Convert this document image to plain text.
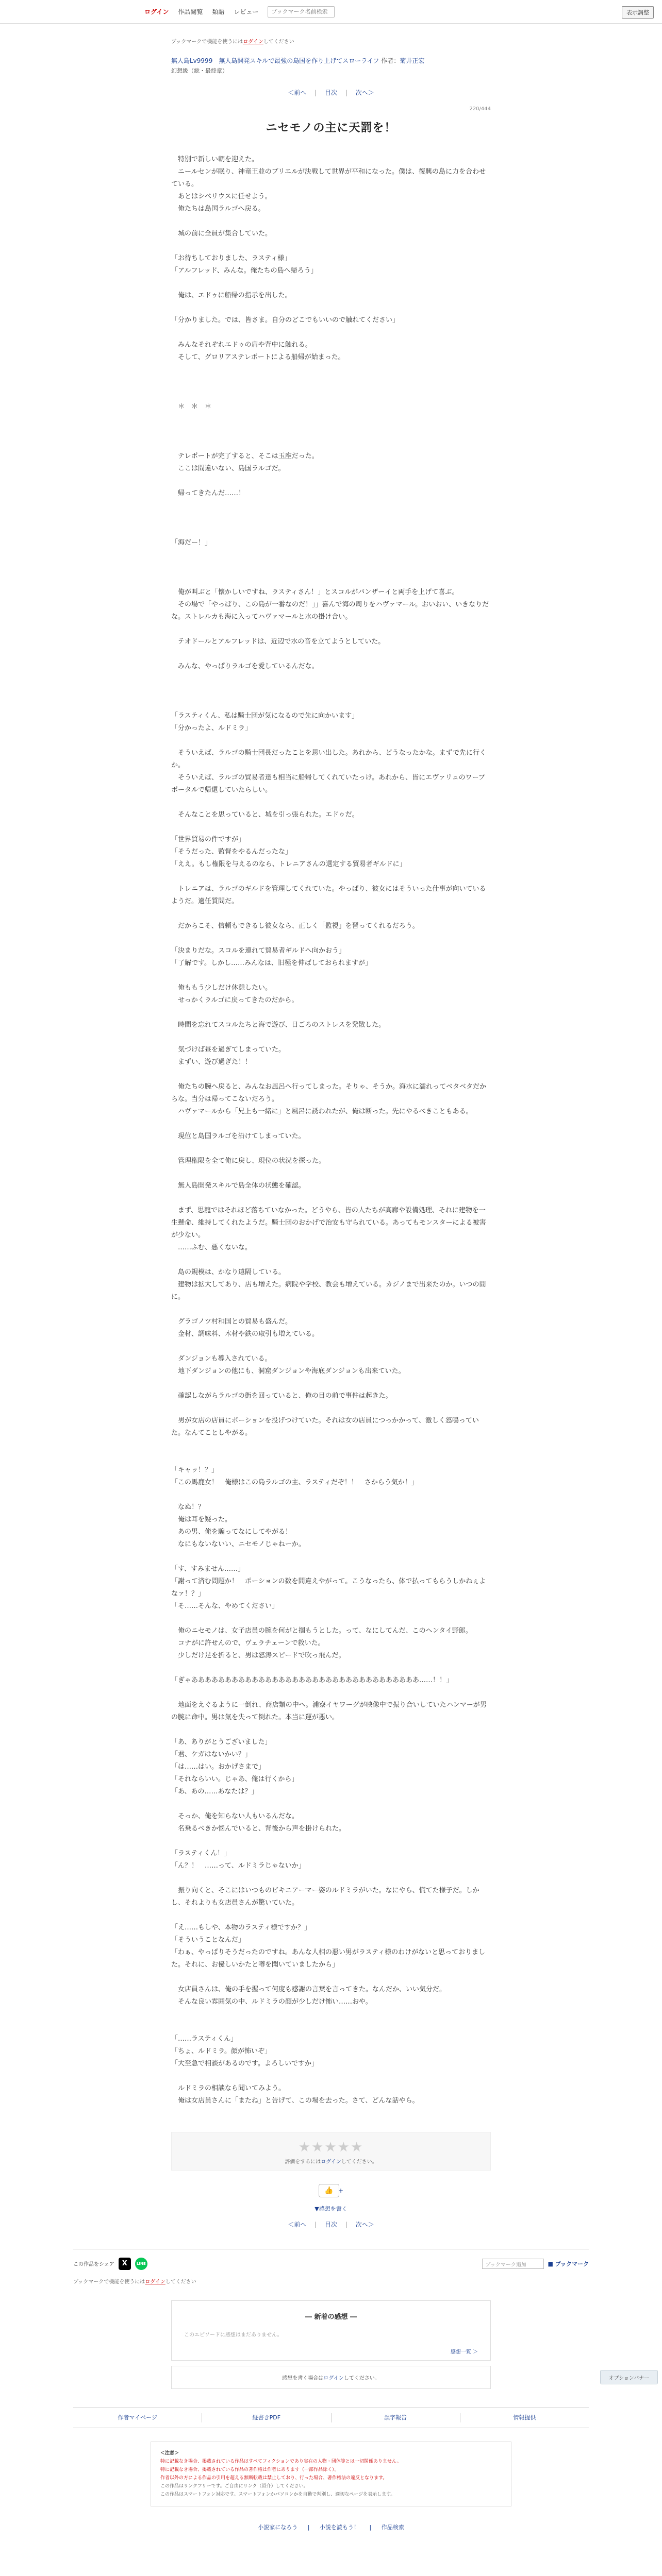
ログイン 作品閲覧 類語 レビュー
ブックマーク名前検索	表示調整
ブックマークで機能を使うにはログインしてください
無人島Lv9999　無人島開発スキルで最強の島国を作り上げてスローライフ 作者：菊井正宏
幻想級（総・最終章）
＜前へ | 目次 | 次へ＞
220/444
ニセモノの主に天罰を！

　特別で新しい朝を迎えた。

　ニールセンが眠り、神竜王並のブリエルが決戦して世界が平和になった。僕は、復興の島に力を合わせている。

　あとはシベリウスに任せよう。

　俺たちは島国ラルゴへ戻る。

　城の前に全員が集合していた。

「お待ちしておりました、ラスティ様」

「アルフレッド、みんな。俺たちの島へ帰ろう」

　俺は、エドゥに船帰の指示を出した。

「分かりました。では、皆さま。自分のどこでもいいので触れてください」

　みんなそれぞれエドゥの肩や背中に触れる。

　そして、グロリアステレポートによる船帰が始まった。

　＊　＊　＊

　テレポートが完了すると、そこは玉座だった。

　ここは間違いない、島国ラルゴだ。

　帰ってきたんだ……！

「海だー！」

　俺が叫ぶと「懐かしいですね、ラスティさん！」とスコルがバンザーイと両手を上げて喜ぶ。

　その場で「やっぱり、この島が一番なのだ！」」喜んで海の周りをハヴァマール。おいおい、いきなりだな。ストレルカも海に入ってハヴァマールと水の掛け合い。

　テオドールとアルフレッドは、近辺で水の音を立てようとしていた。

　みんな、やっぱりラルゴを愛しているんだな。

「ラスティくん、私は騎士団が気になるので先に向かいます」

「分かったよ、ルドミラ」

　そういえば、ラルゴの騎士団長だったことを思い出した。あれから、どうなったかな。まずで先に行くか。

　そういえば、ラルゴの貿易者達も相当に船帰してくれていたっけ。あれから、皆にエヴァリュのワープポータルで帰還していたらしい。

　そんなことを思っていると、城を引っ張られた。エドゥだ。

「世界貿易の件ですが」

「そうだった、監督をやるんだったな」

「ええ。もし権限を与えるのなら、トレニアさんの選定する貿易者ギルドに」

　トレニアは、ラルゴのギルドを管理してくれていた。やっぱり、彼女にはそういった仕事が向いているようだ。適任質問だ。

　だからこそ、信頼もできるし彼女なら、正しく「監視」を習ってくれるだろう。

「決まりだな。スコルを連れて貿易者ギルドへ向かおう」

「了解です。しかし……みんなは、旧極を伸ばしておられますが」

　俺ももう少しだけ休憩したい。

　せっかくラルゴに戻ってきたのだから。

　時間を忘れてスコルたちと海で遊び、日ごろのストレスを発散した。

　気づけば昼を過ぎてしまっていた。

　まずい、遊び過ぎた！！

　俺たちの腕へ戻ると、みんなお風呂へ行ってしまった。そりゃ、そうか。海水に濡れってベタベタだからな。当分は帰ってこないだろう。

　ハヴァマールから「兄上も一緒に」と風呂に誘われたが、俺は断った。先にやるべきこともある。

　現位と島国ラルゴを沿けてしまっていた。

　管理権限を全て俺に戻し、現位の状況を探った。

　無人島開発スキルで島全体の状態を確認。

　まず、思龍ではそれほど落ちていなかった。どうやら、皆の人たちが高廊や設備処理、それに建物を一生懸命、維持してくれたようだ。騎士団のおかげで治安も守られている。あってもモンスターによる被害が少ない。

　……ふむ、悪くないな。

　島の規模は、かなり遠隔している。

　建物は拡大してあり、店も増えた。病院や学校、教会も増えている。カジノまで出来たのか。いつの間に。

　グラゴノツ村和国との貿易も盛んだ。

　金材、調味料、木材や鉄の取引も増えている。

　ダンジョンも導入されている。

　地下ダンジョンの他にも、洞窟ダンジョンや海底ダンジョンも出来ていた。

　確認しながらラルゴの街を回っていると、俺の目の前で事件は起きた。

　男が女店の店員にポーションを投げつけていた。それは女の店員につっかかって、激しく怒鳴っていた。なんてことしやがる。

「キャッ！？」

「この馬鹿女！　俺様はこの島ラルゴの主、ラスティだぞ！！　さからう気か！」

　なぬ！？

　俺は耳を疑った。

　あの男、俺を騙ってなにしてやがる！

　なにもないないい、ニセモノじゃねーか。

「す、すみません……」

「謝って済む問題か！　ポーションの数を間違えやがって。こうなったら、体で払ってもらうしかねぇよなァ！？」

「そ……そんな、やめてください」

　俺のニセモノは、女子店員の腕を何がと掴もうとした。って、なにしてんだ、このヘンタイ野郎。

　コナがに許せんので、ヴェラチェーンで救いた。

　少しだけ足を折ると、男は怒涛スピードで吹っ飛んだ。

「ぎゃああああああああああああああああああああああああああああああああああ……！！」

　地面をえぐるように一倒れ、商店類の中へ。浦寮イヤワーグが映像中で振り合いしていたハンマーが男の腕に命中。男は気を失って倒れた。本当に運が悪い。

「あ、ありがとうございました」

「君、ケガはないかい？」

「は……はい。おかげさまで」

「それならいい。じゃあ、俺は行くから」

「あ、あの……あなたは？」

　そっか、俺を知らない人もいるんだな。

　名乗るべきか悩んでいると、背後から声を掛けられた。

「ラスティくん！」

「ん？！　……って、ルドミラじゃないか」

　振り向くと、そこにはいつものビキニアーマー姿のルドミラがいた。なにやら、慌てた様子だ。しかし、それよりも女店員さんが驚いていた。

「え……もしや、本物のラスティ様ですか？」

「そういうことなんだ」

「わぁ、やっぱりそうだったのですね。あんな人相の悪い男がラスティ様のわけがないと思っておりました。それに、お優しいかたと噂を聞いていましたから」

　女店員さんは、俺の手を握って何度も感謝の言葉を言ってきた。なんだか、いい気分だ。

　そんな良い雰囲気の中、ルドミラの顔が少しだけ怖い……おや。

「……ラスティくん」

「ちょ、ルドミラ。顔が怖いぞ」

「大至急で相談があるのです。よろしいですか」

　ルドミラの相談なら聞いてみよう。

　俺は女店員さんに「またね」と告げて、この場を去った。さて、どんな話やら。

オプションバナー
★★★★★
評価をするにはログインしてください。
👍 +
▼感想を書く
＜前へ | 目次 | 次へ＞
この作品をシェア	X	LINE	ブックマーク追加	■ ブックマーク
ブックマークで機能を使うにはログインしてください
― 新着の感想 ―
このエピソードに感想はまだありません。
感想一覧 ＞
感想を書く場合はログインしてください。
作者マイページ	縦書きPDF	誤字報告	情報提供
＜注意＞
特に記載なき場合、掲載されている作品はすべてフィクションであり実在の人物・団体等とは一切関係ありません。
特に記載なき場合、掲載されている作品の著作権は作者にあります（一部作品除く）。
作者以外の方による作品の引用を超える無断転載は禁止しており、行った場合、著作権法の違反となります。
この作品はリンクフリーです。ご自由にリンク（紹介）してください。
この作品はスマートフォン対応です。スマートフォンかパソコンかを自動で判別し、適切なページを表示します。
小説家になろう | 小説を読もう！ | 作品検索
